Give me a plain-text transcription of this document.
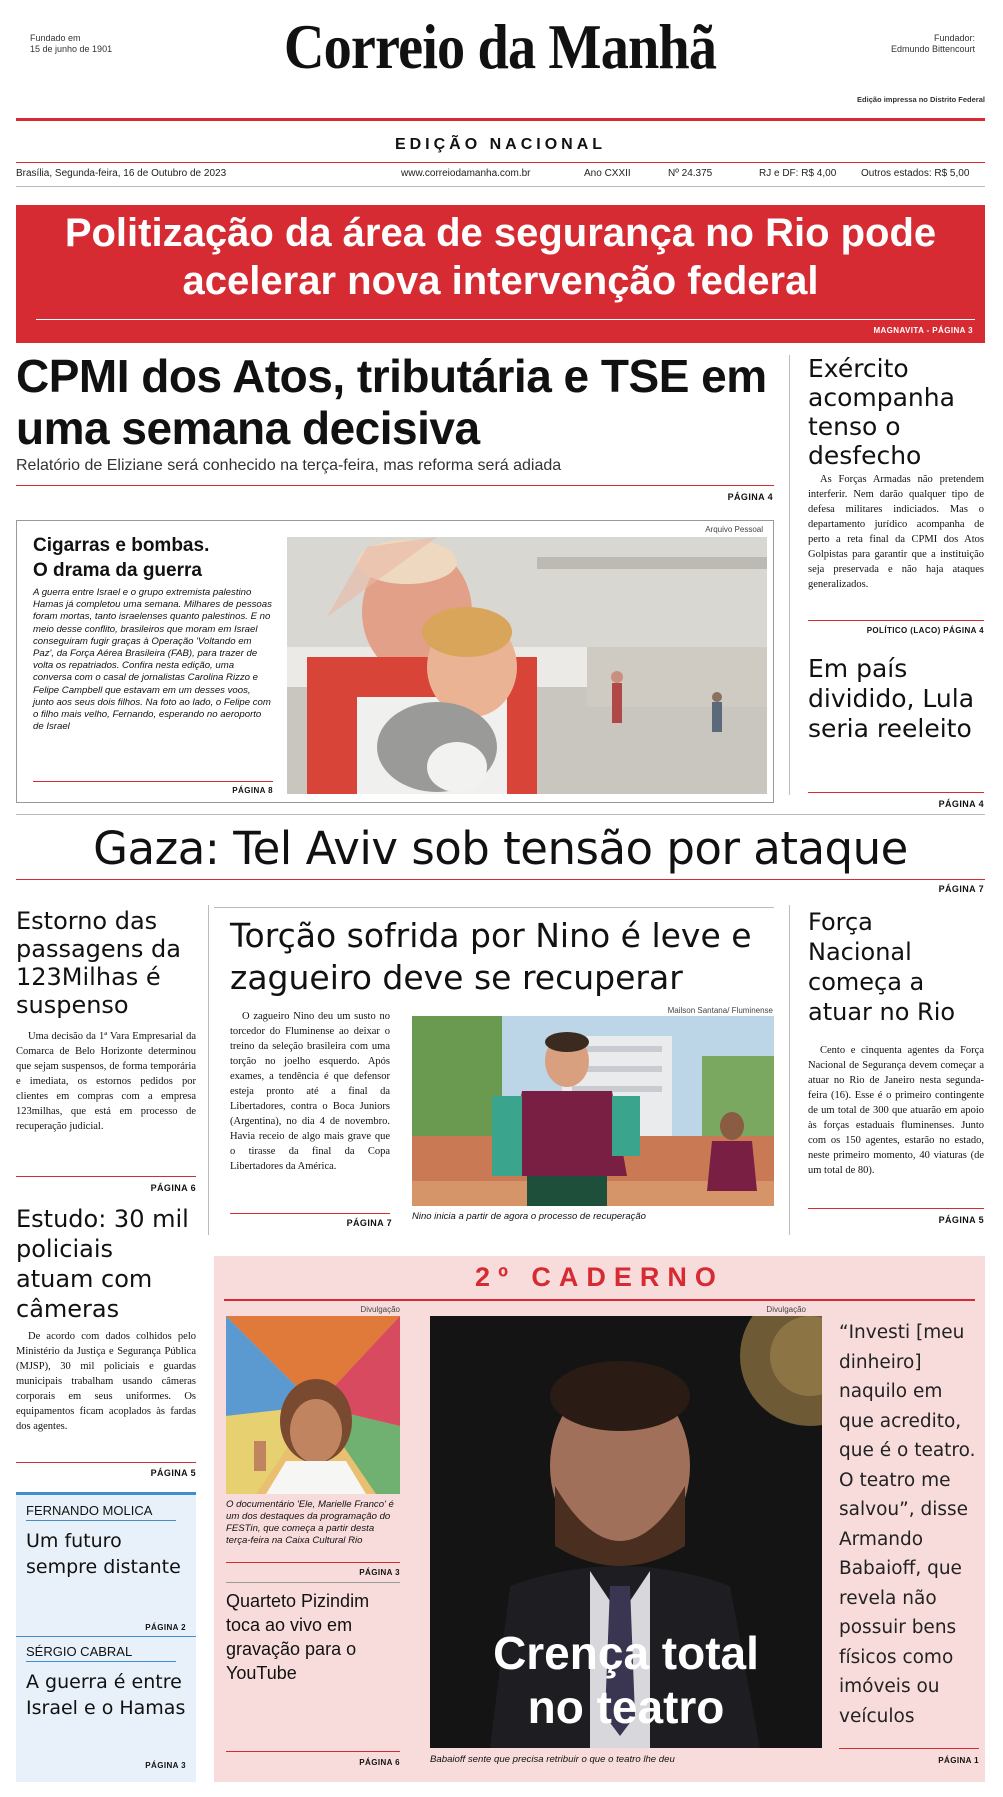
Fundado em
15 de junho de 1901	Correio da Manhã	Fundador:
Edmundo Bittencourt
Edição impressa no Distrito Federal
EDIÇÃO NACIONAL
Brasília, Segunda-feira, 16 de Outubro de 2023	www.correiodamanha.com.br	Ano CXXII	Nº 24.375	RJ e DF: R$ 4,00 Outros estados: R$ 5,00
Politização da área de segurança no Rio pode acelerar nova intervenção federal
MAGNAVITA - PÁGINA 3
CPMI dos Atos, tributária e TSE em uma semana decisiva
Relatório de Eliziane será conhecido na terça-feira, mas reforma será adiada
PÁGINA 4
Exército acompanha tenso o desfecho
As Forças Armadas não pretendem interferir. Nem darão qualquer tipo de defesa militares indiciados. Mas o departamento jurídico acompanha de perto a reta final da CPMI dos Atos Golpistas para garantir que a instituição seja preservada e não haja ataques generalizados.
POLÍTICO (LACO) PÁGINA 4
Em país dividido, Lula seria reeleito
PÁGINA 4
Cigarras e bombas.
O drama da guerra
A guerra entre Israel e o grupo extremista palestino Hamas já completou uma semana. Milhares de pessoas foram mortas, tanto israelenses quanto palestinos. E no meio desse conflito, brasileiros que moram em Israel conseguiram fugir graças à Operação 'Voltando em Paz', da Força Aérea Brasileira (FAB), para trazer de volta os repatriados. Confira nesta edição, uma conversa com o casal de jornalistas Carolina Rizzo e Felipe Campbell que estavam em um desses voos, junto aos seus dois filhos. Na foto ao lado, o Felipe com o filho mais velho, Fernando, esperando no aeroporto de Israel
PÁGINA 8
Arquivo Pessoal
Gaza: Tel Aviv sob tensão por ataque
PÁGINA 7
Estorno das passagens da 123Milhas é suspenso
Uma decisão da 1ª Vara Empresarial da Comarca de Belo Horizonte determinou que sejam suspensos, de forma temporária e imediata, os estornos pedidos por clientes em compras com a empresa 123milhas, que está em processo de recuperação judicial.
PÁGINA 6
Torção sofrida por Nino é leve e zagueiro deve se recuperar
O zagueiro Nino deu um susto no torcedor do Fluminense ao deixar o treino da seleção brasileira com uma torção no joelho esquerdo. Após exames, a tendência é que defensor esteja pronto até a final da Libertadores, contra o Boca Juniors (Argentina), no dia 4 de novembro. Havia receio de algo mais grave que o tirasse da final da Copa Libertadores da América.
PÁGINA 7
Mailson Santana/ Fluminense
Nino inicia a partir de agora o processo de recuperação
Força Nacional começa a atuar no Rio
Cento e cinquenta agentes da Força Nacional de Segurança devem começar a atuar no Rio de Janeiro nesta segunda-feira (16). Esse é o primeiro contingente de um total de 300 que atuarão em apoio às forças estaduais fluminenses. Junto com os 150 agentes, estarão no estado, neste primeiro momento, 40 viaturas (de um total de 80).
PÁGINA 5
Estudo: 30 mil policiais atuam com câmeras
De acordo com dados colhidos pelo Ministério da Justiça e Segurança Pública (MJSP), 30 mil policiais e guardas municipais trabalham usando câmeras corporais em seus uniformes. Os equipamentos ficam acoplados às fardas dos agentes.
PÁGINA 5
FERNANDO MOLICA
Um futuro sempre distante
PÁGINA 2
SÉRGIO CABRAL
A guerra é entre Israel e o Hamas
PÁGINA 3
2º CADERNO
Divulgação
O documentário 'Ele, Marielle Franco' é um dos destaques da programação do FESTin, que começa a partir desta terça-feira na Caixa Cultural Rio
PÁGINA 3
Quarteto Pizindim toca ao vivo em gravação para o YouTube
PÁGINA 6
Divulgação
Crença total
no teatro
Babaioff sente que precisa retribuir o que o teatro lhe deu
“Investi [meu dinheiro] naquilo em que acredito, que é o teatro. O teatro me salvou”, disse Armando Babaioff, que revela não possuir bens físicos como imóveis ou veículos
PÁGINA 1
